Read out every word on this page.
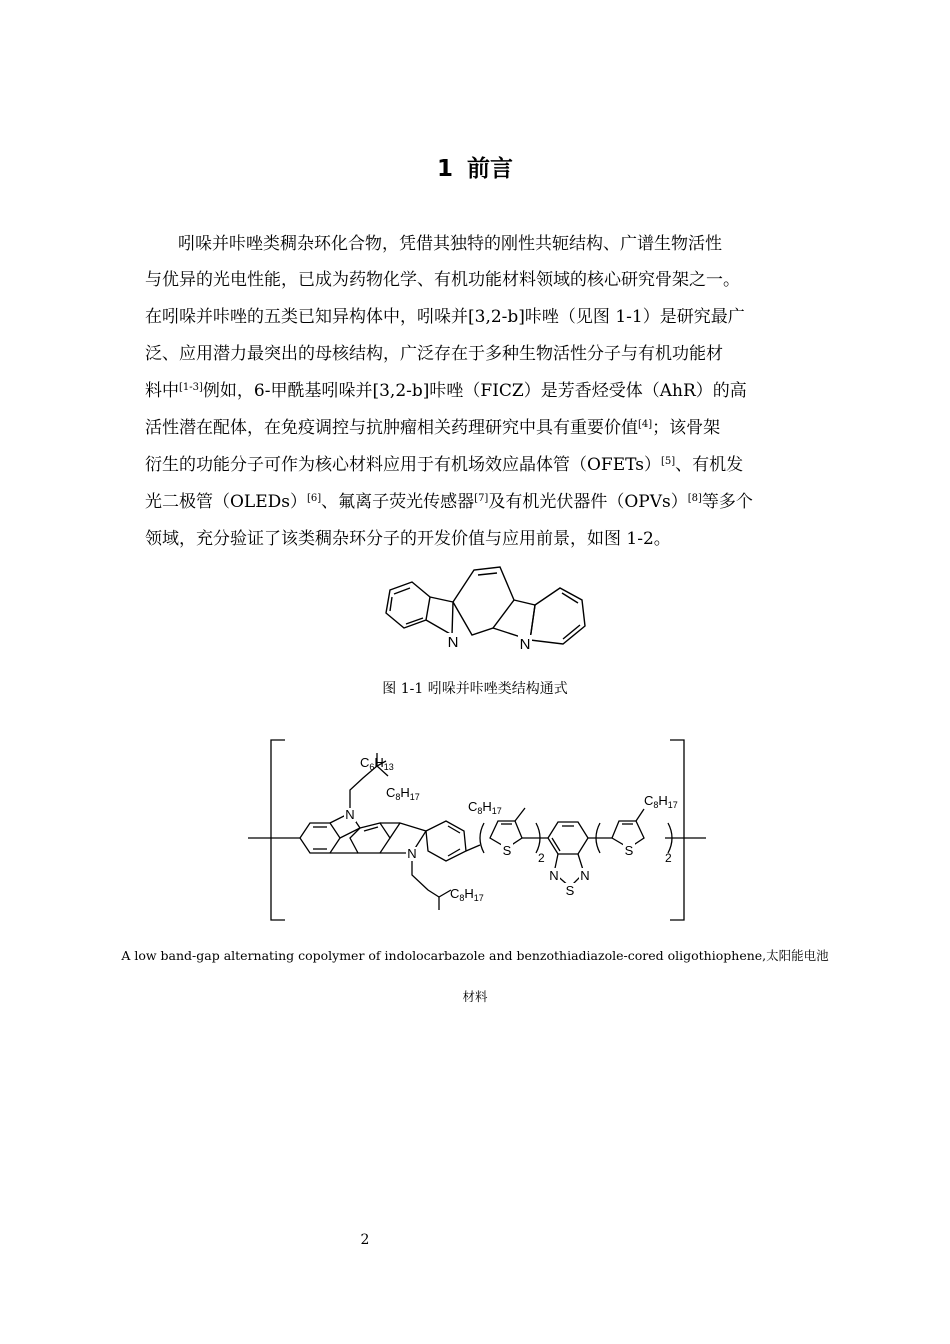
1 前言
吲哚并咔唑类稠杂环化合物，凭借其独特的刚性共轭结构、广谱生物活性
与优异的光电性能，已成为药物化学、有机功能材料领域的核心研究骨架之一。
在吲哚并咔唑的五类已知异构体中，吲哚并[3,2-b]咔唑（见图 1-1）是研究最广
泛、应用潜力最突出的母核结构，广泛存在于多种生物活性分子与有机功能材
料中[1-3]例如，6-甲酰基吲哚并[3,2-b]咔唑（FICZ）是芳香烃受体（AhR）的高
活性潜在配体，在免疫调控与抗肿瘤相关药理研究中具有重要价值[4]；该骨架
衍生的功能分子可作为核心材料应用于有机场效应晶体管（OFETs）[5]、有机发
光二极管（OLEDs）[6]、氟离子荧光传感器[7]及有机光伏器件（OPVs）[8]等多个
领域，充分验证了该类稠杂环分子的开发价值与应用前景，如图 1-2。
N	N
图 1-1 吲哚并咔唑类结构通式
N
N	S	S
N N
S
$C_6H_{13}$
$C_8H_{17}$
$C_8H_{17}$
$C_8H_{17}$
$C_8H_{17}$
2	2
A low band-gap alternating copolymer of indolocarbazole and benzothiadiazole-cored oligothiophene,太阳能电池
材料
2
